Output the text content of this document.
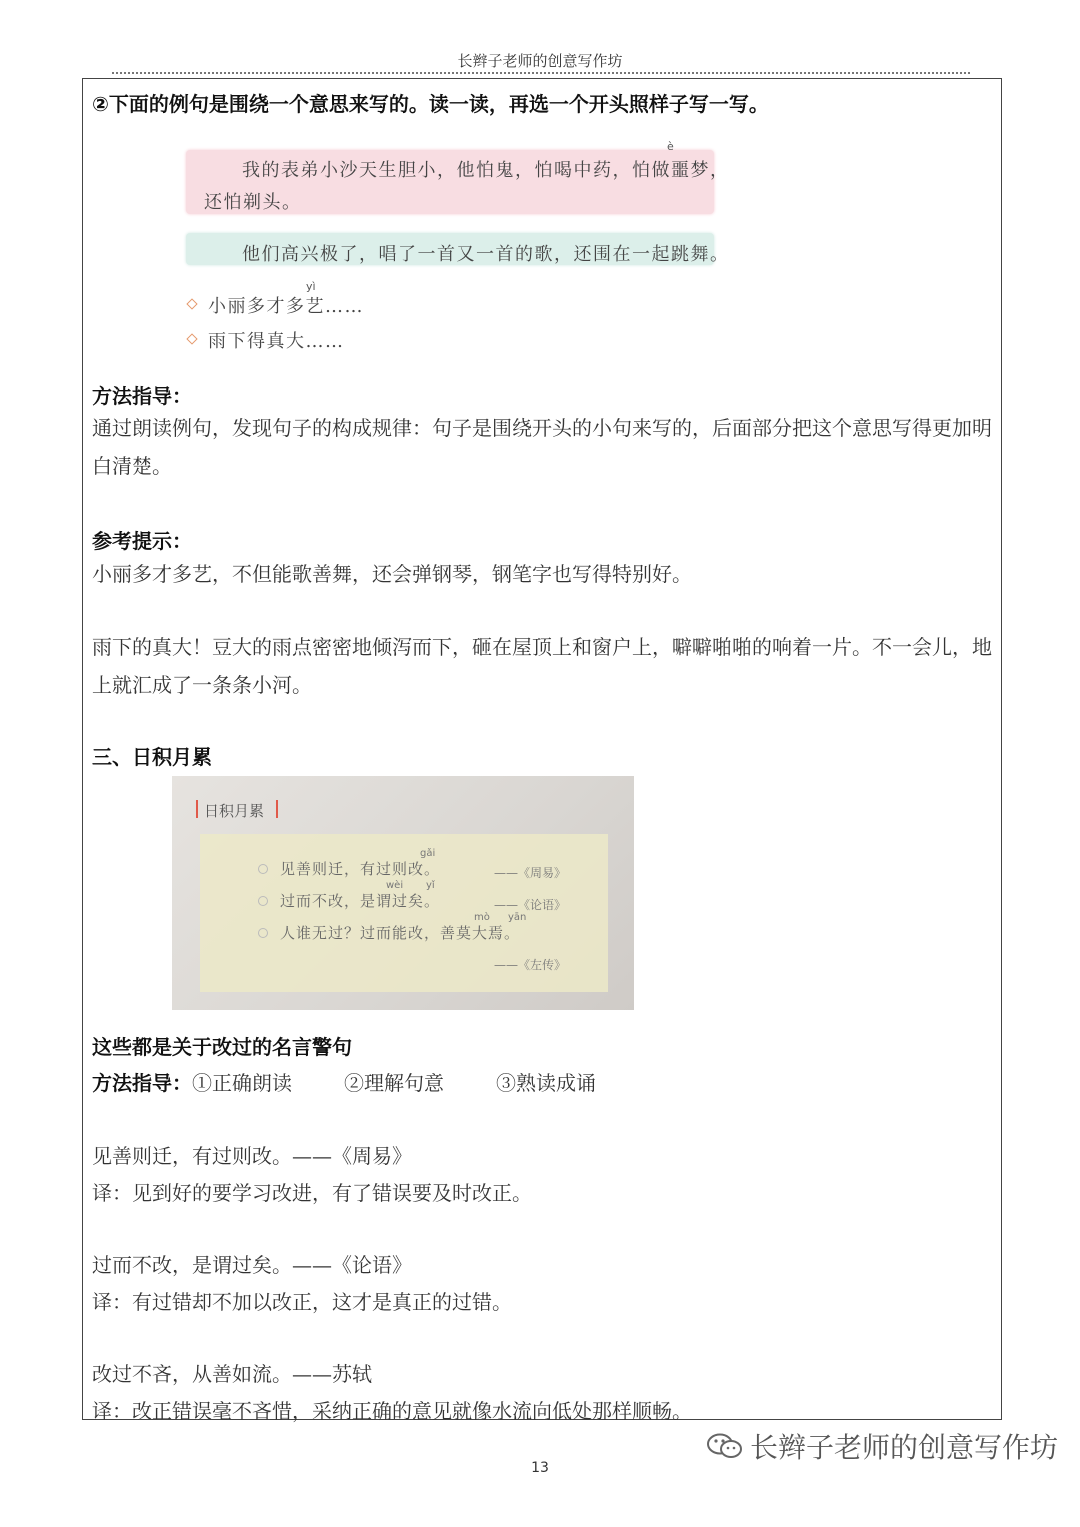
长辫子老师的创意写作坊
②下面的例句是围绕一个意思来写的。读一读，再选一个开头照样子写一写。
è
我的表弟小沙天生胆小，他怕鬼，怕喝中药，怕做噩梦，
还怕剃头。
他们高兴极了，唱了一首又一首的歌，还围在一起跳舞。
yì
小丽多才多艺……
雨下得真大……
方法指导：
通过朗读例句，发现句子的构成规律：句子是围绕开头的小句来写的，后面部分把这个意思写得更加明白清楚。
参考提示：
小丽多才多艺，不但能歌善舞，还会弹钢琴，钢笔字也写得特别好。
雨下的真大！豆大的雨点密密地倾泻而下，砸在屋顶上和窗户上，噼噼啪啪的响着一片。不一会儿，地上就汇成了一条条小河。
三、日积月累
日积月累
gǎi
见善则迁，有过则改。	——《周易》
wèi yǐ
过而不改，是谓过矣。	——《论语》
mò yān
人谁无过？过而能改，善莫大焉。
——《左传》
这些都是关于改过的名言警句
方法指导：①正确朗读	②理解句意	③熟读成诵
见善则迁，有过则改。——《周易》
译：见到好的要学习改进，有了错误要及时改正。
过而不改，是谓过矣。——《论语》
译：有过错却不加以改正，这才是真正的过错。
改过不吝，从善如流。——苏轼
译：改正错误毫不吝惜，采纳正确的意见就像水流向低处那样顺畅。
13
长辫子老师的创意写作坊
